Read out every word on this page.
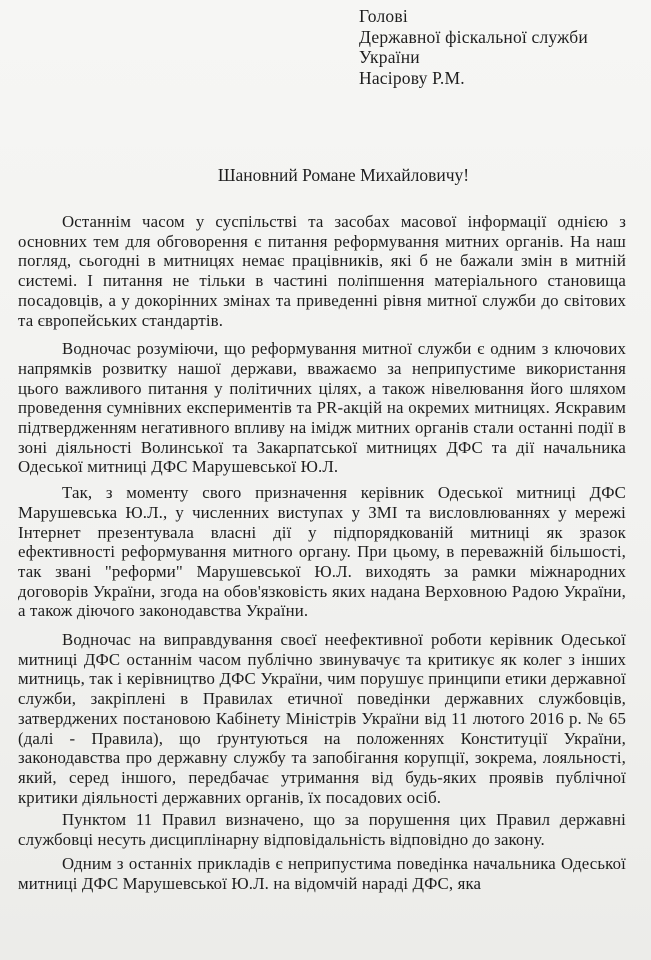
Голові
Державної фіскальної служби
України
Насірову Р.М.
Шановний Романе Михайловичу!

Останнім часом у суспільстві та засобах масової інформації однією з основних тем для обговорення є питання реформування митних органів. На наш погляд, сьогодні в митницях немає працівників, які б не бажали змін в митній системі. І питання не тільки в частині поліпшення матеріального становища посадовців, а у докорінних змінах та приведенні рівня митної служби до світових та європейських стандартів.

Водночас розуміючи, що реформування митної служби є одним з ключових напрямків розвитку нашої держави, вважаємо за неприпустиме використання цього важливого питання у політичних цілях, а також нівелювання його шляхом проведення сумнівних експериментів та PR-акцій на окремих митницях. Яскравим підтвердженням негативного впливу на імідж митних органів стали останні події в зоні діяльності Волинської та Закарпатської митницях ДФС та дії начальника Одеської митниці ДФС Марушевської Ю.Л.

Так, з моменту свого призначення керівник Одеської митниці ДФС Марушевська Ю.Л., у численних виступах у ЗМІ та висловлюваннях у мережі Інтернет презентувала власні дії у підпорядкованій митниці як зразок ефективності реформування митного органу. При цьому, в переважній більшості, так звані "реформи" Марушевської Ю.Л. виходять за рамки міжнародних договорів України, згода на обов'язковість яких надана Верховною Радою України, а також діючого законодавства України.

Водночас на виправдування своєї неефективної роботи керівник Одеської митниці ДФС останнім часом публічно звинувачує та критикує як колег з інших митниць, так і керівництво ДФС України, чим порушує принципи етики державної служби, закріплені в Правилах етичної поведінки державних службовців, затверджених постановою Кабінету Міністрів України від 11 лютого 2016 р. № 65 (далі - Правила), що ґрунтуються на положеннях Конституції України, законодавства про державну службу та запобігання корупції, зокрема, лояльності, який, серед іншого, передбачає утримання від будь-яких проявів публічної критики діяльності державних органів, їх посадових осіб.

Пунктом 11 Правил визначено, що за порушення цих Правил державні службовці несуть дисциплінарну відповідальність відповідно до закону.

Одним з останніх прикладів є неприпустима поведінка начальника Одеської митниці ДФС Марушевської Ю.Л. на відомчій нараді ДФС, яка
